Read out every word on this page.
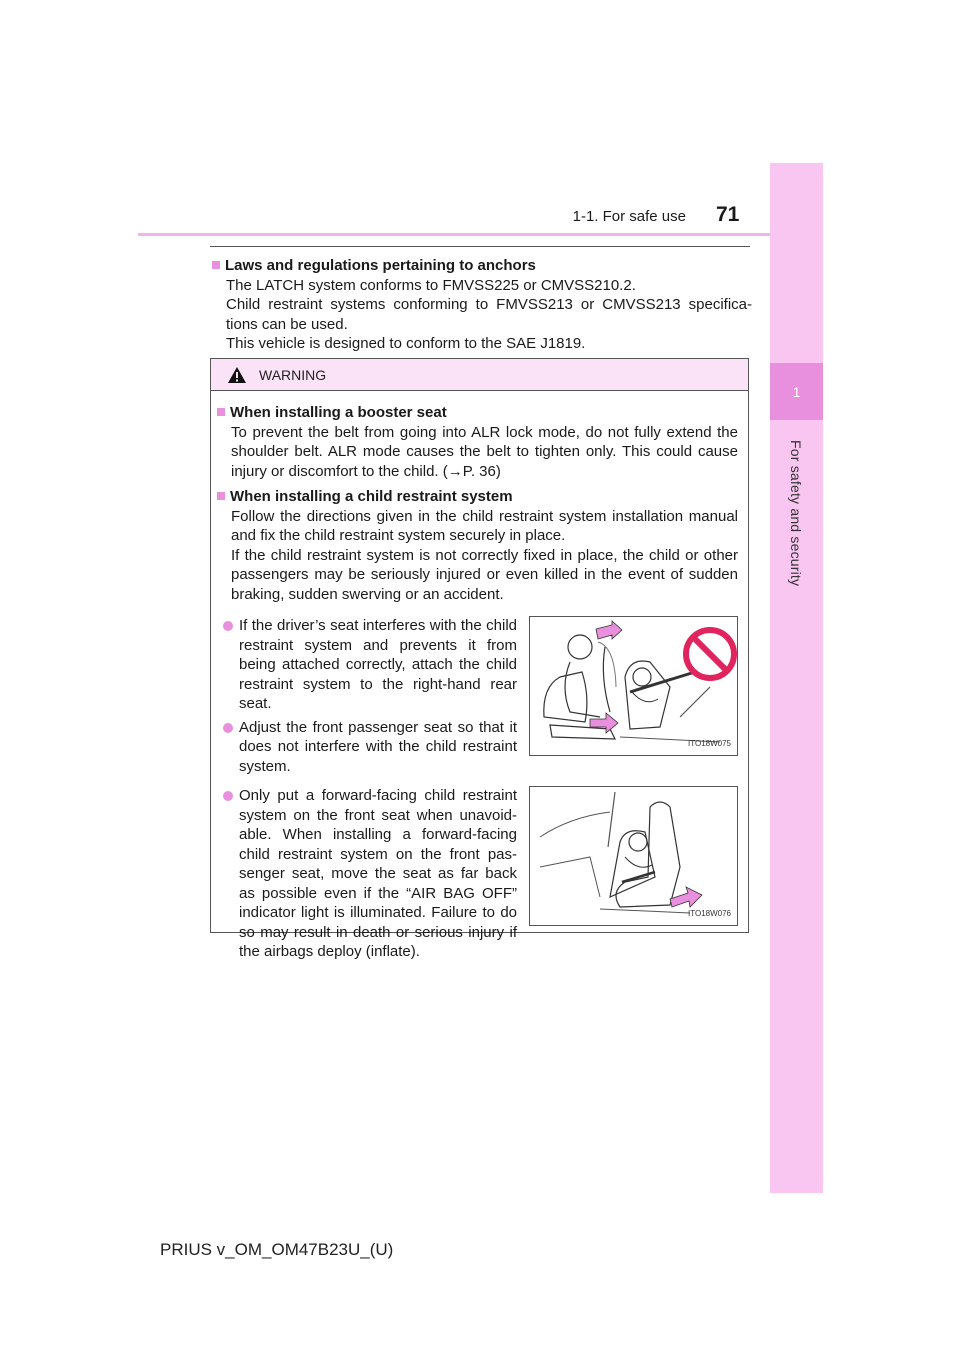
1-1. For safe use 71
1
For safety and security
Laws and regulations pertaining to anchors

The LATCH system conforms to FMVSS225 or CMVSS210.2.

Child restraint systems conforming to FMVSS213 or CMVSS213 specifica-

tions can be used.

This vehicle is designed to conform to the SAE J1819.

WARNING
When installing a booster seat

To prevent the belt from going into ALR lock mode, do not fully extend the shoulder belt. ALR mode causes the belt to tighten only. This could cause injury or discomfort to the child. (→P. 36)

When installing a child restraint system

Follow the directions given in the child restraint system installation manual and fix the child restraint system securely in place.

If the child restraint system is not correctly fixed in place, the child or other passengers may be seriously injured or even killed in the event of sudden braking, sudden swerving or an accident.

If the driver’s seat interferes with the child restraint system and prevents it from being attached correctly, attach the child restraint system to the right-hand rear seat.
Adjust the front passenger seat so that it does not interfere with the child restraint system.
ITO18W075
Only put a forward-facing child restraint system on the front seat when unavoid-able. When installing a forward-facing child restraint system on the front pas-senger seat, move the seat as far back as possible even if the “AIR BAG OFF” indicator light is illuminated. Failure to do so may result in death or serious injury if the airbags deploy (inflate).
ITO18W076
PRIUS v_OM_OM47B23U_(U)
